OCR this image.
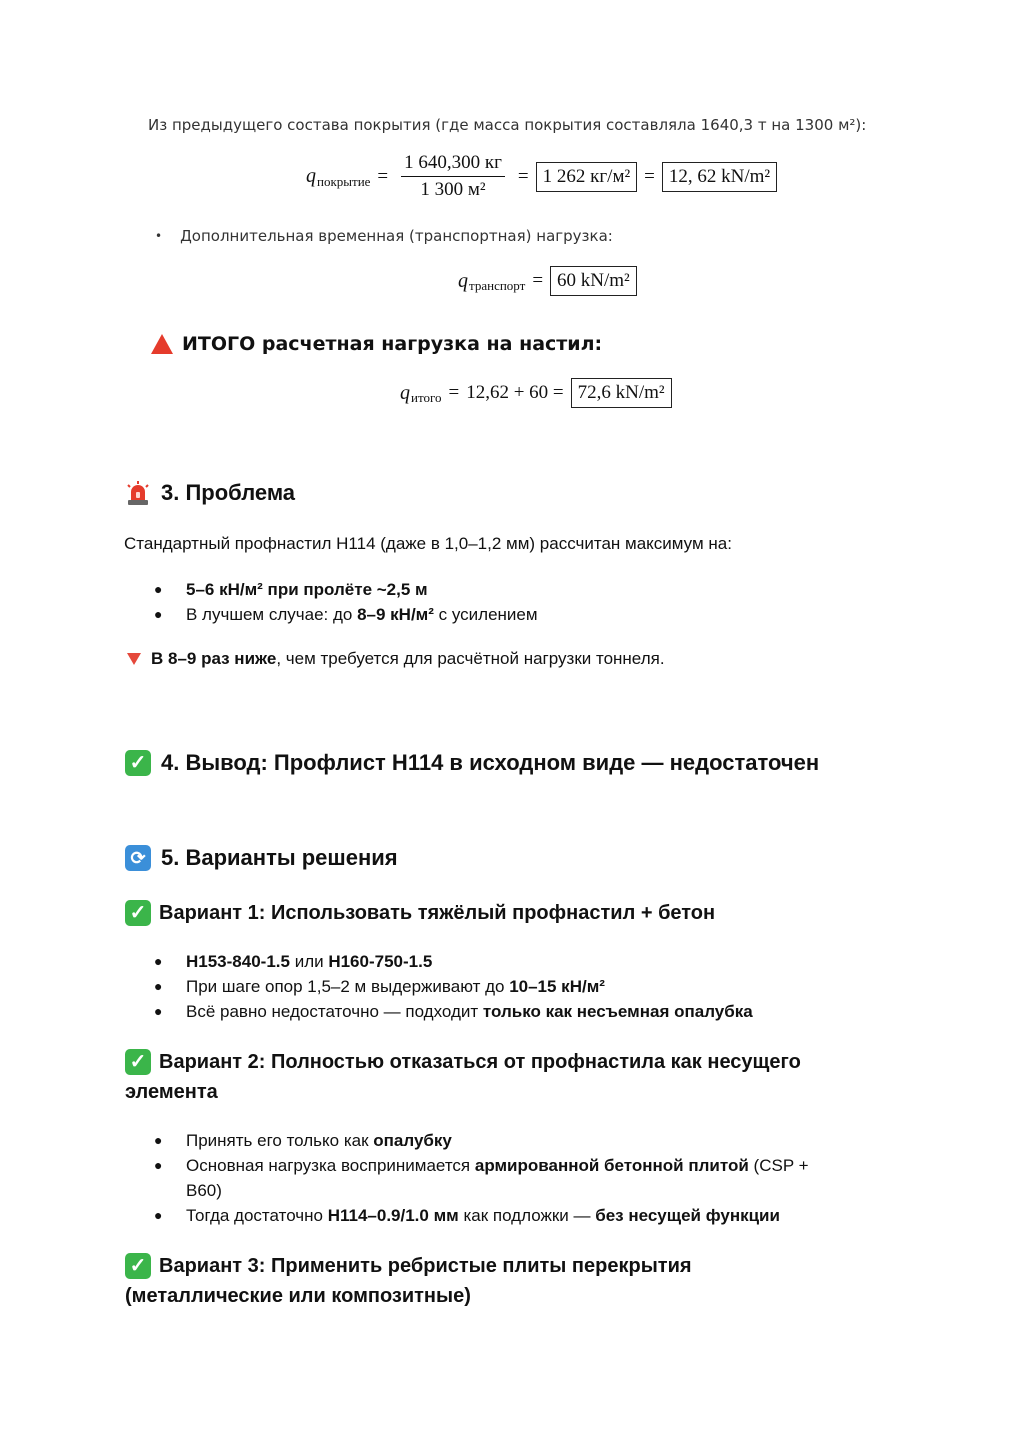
Из предыдущего состава покрытия (где масса покрытия составляла 1640,3 т на 1300 м²):
q покрытие = $\frac{1 640,300 кг}{\text{1 300 м²}} = 1$ 262 кг/м² = 12, 62 kN/m²
• Дополнительная временная (транспортная) нагрузка:
q транспорт = 60 kN/m²
ИТОГО расчетная нагрузка на настил:
q итого = 12,62 + 60 = 72,6 kN/m²
3. Проблема

Стандартный профнастил Н114 (даже в 1,0–1,2 мм) рассчитан максимум на:

● 5–6 кН/м² при пролёте ~2,5 м
● В лучшем случае: до 8–9 кН/м² с усилением

В 8–9 раз ниже, чем требуется для расчётной нагрузки тоннеля.

✓ 4. Вывод: Профлист Н114 в исходном виде — недостаточен
⟳ 5. Варианты решения
✓ Вариант 1: Использовать тяжёлый профнастил + бетон
● Н153-840-1.5 или Н160-750-1.5
● При шаге опор 1,5–2 м выдерживают до 10–15 кН/м²
● Всё равно недостаточно — подходит только как несъемная опалубка
✓ Вариант 2: Полностью отказаться от профнастила как несущего
элемента
● Принять его только как опалубку
● Основная нагрузка воспринимается армированной бетонной плитой (CSP +
B60)
● Тогда достаточно Н114–0.9/1.0 мм как подложки — без несущей функции
✓ Вариант 3: Применить ребристые плиты перекрытия
(металлические или композитные)
